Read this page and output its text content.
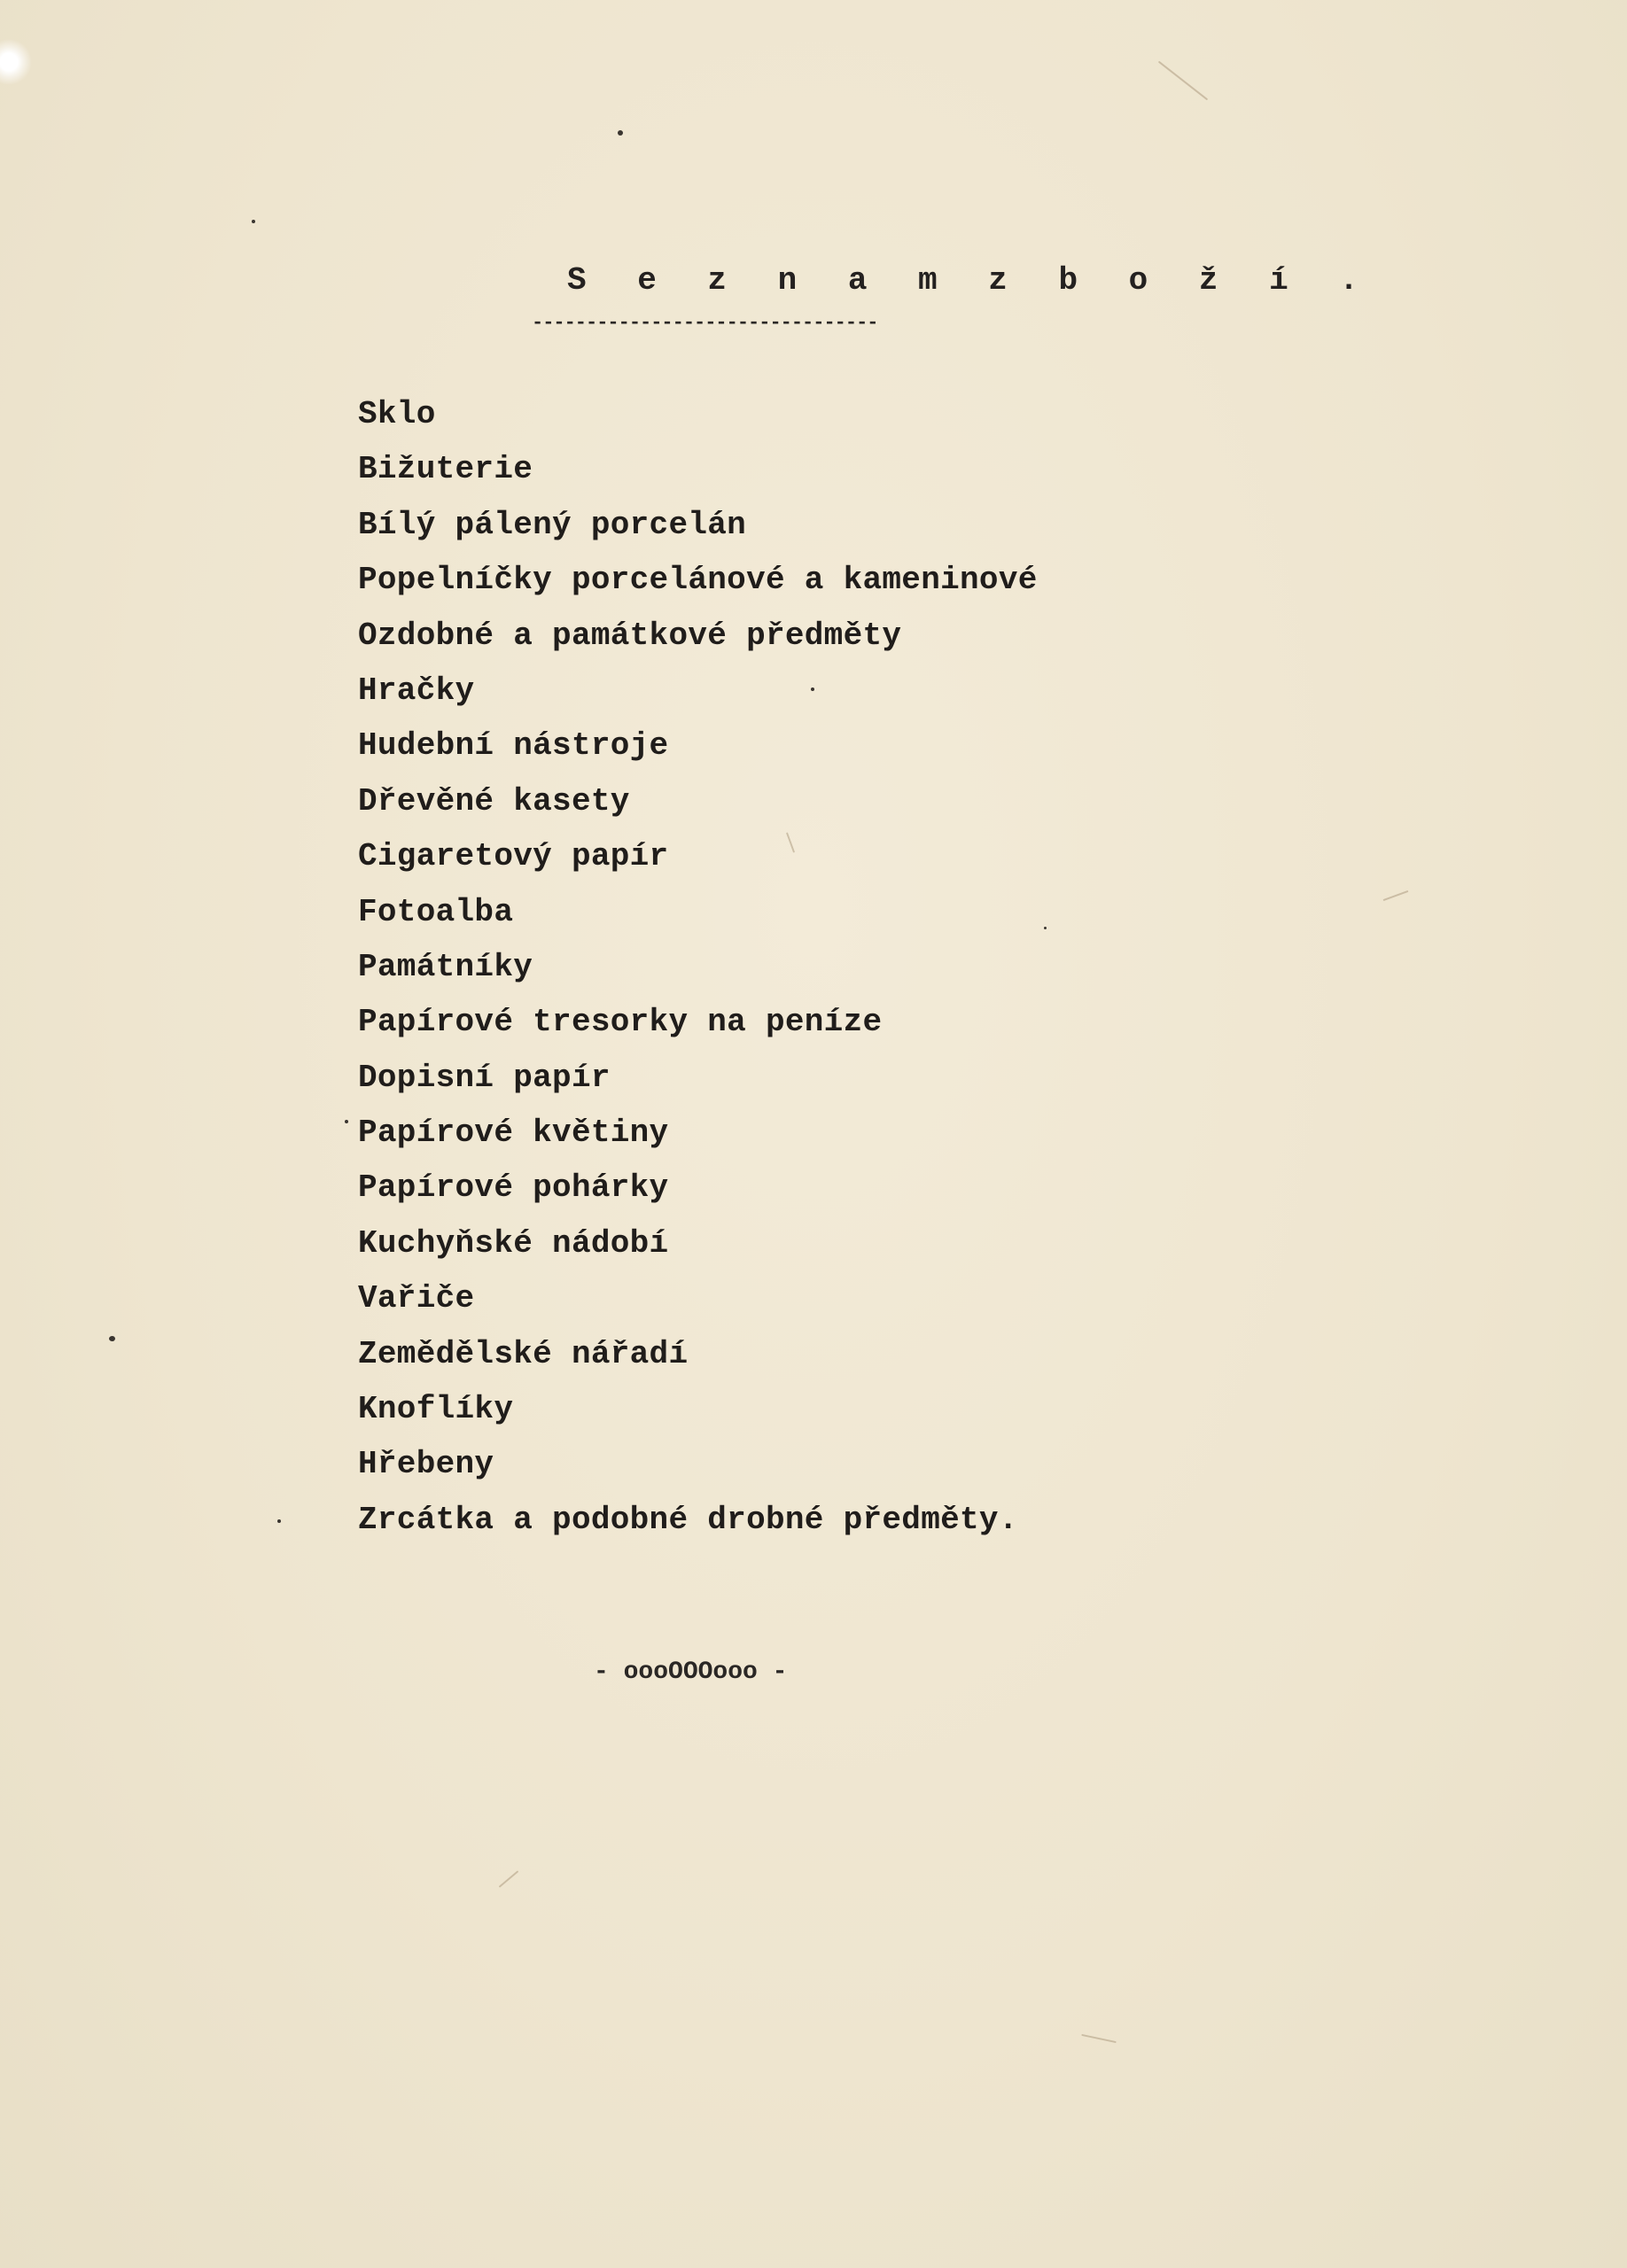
S e z n a m z b o ž í .
--------------------------------
Sklo
Bižuterie
Bílý pálený porcelán
Popelníčky porcelánové a kameninové
Ozdobné a památkové předměty
Hračky
Hudební nástroje
Dřevěné kasety
Cigaretový papír
Fotoalba
Památníky
Papírové tresorky na peníze
Dopisní papír
Papírové květiny
Papírové pohárky
Kuchyňské nádobí
Vařiče
Zemědělské nářadí
Knoflíky
Hřebeny
Zrcátka a podobné drobné předměty.
- oooOOOooo -
